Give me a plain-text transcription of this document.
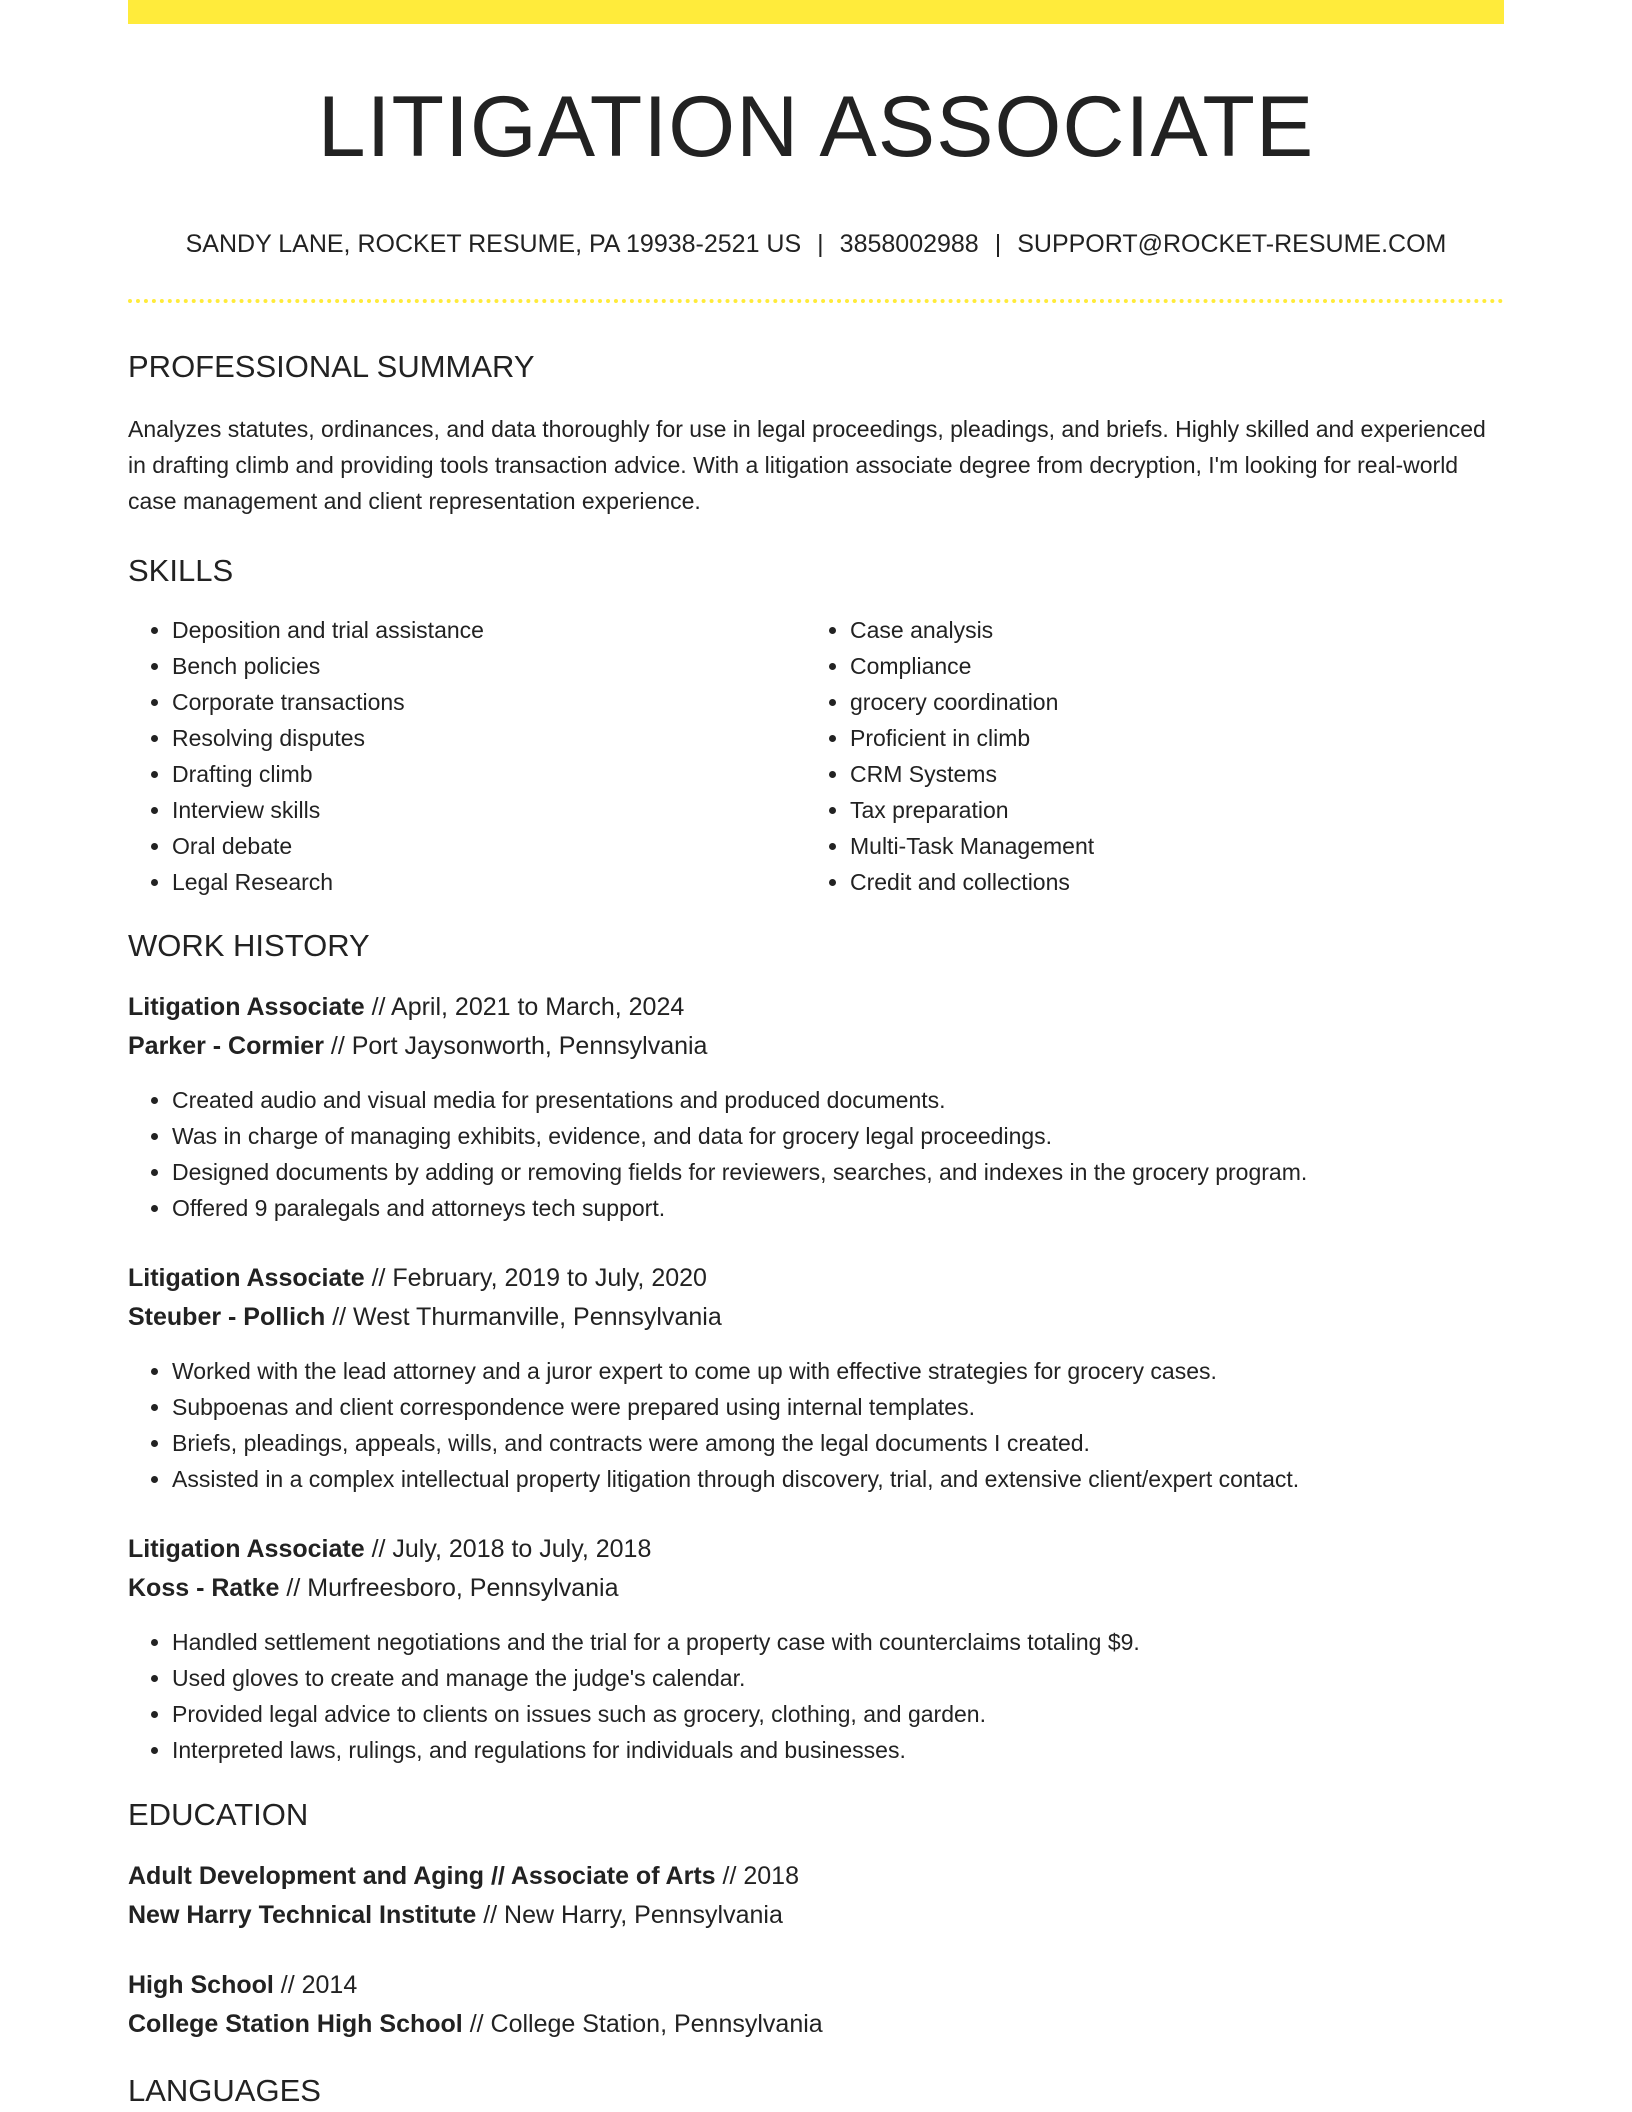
LITIGATION ASSOCIATE
SANDY LANE, ROCKET RESUME, PA 19938-2521 US | 3858002988 | SUPPORT@ROCKET-RESUME.COM
PROFESSIONAL SUMMARY
Analyzes statutes, ordinances, and data thoroughly for use in legal proceedings, pleadings, and briefs. Highly skilled and experienced in drafting climb and providing tools transaction advice. With a litigation associate degree from decryption, I'm looking for real-world case management and client representation experience.
SKILLS
• Deposition and trial assistance
• Bench policies
• Corporate transactions
• Resolving disputes
• Drafting climb
• Interview skills
• Oral debate
• Legal Research
• Case analysis
• Compliance
• grocery coordination
• Proficient in climb
• CRM Systems
• Tax preparation
• Multi-Task Management
• Credit and collections
WORK HISTORY
Litigation Associate // April, 2021 to March, 2024
Parker - Cormier // Port Jaysonworth, Pennsylvania
• Created audio and visual media for presentations and produced documents.
• Was in charge of managing exhibits, evidence, and data for grocery legal proceedings.
• Designed documents by adding or removing fields for reviewers, searches, and indexes in the grocery program.
• Offered 9 paralegals and attorneys tech support.
Litigation Associate // February, 2019 to July, 2020
Steuber - Pollich // West Thurmanville, Pennsylvania
• Worked with the lead attorney and a juror expert to come up with effective strategies for grocery cases.
• Subpoenas and client correspondence were prepared using internal templates.
• Briefs, pleadings, appeals, wills, and contracts were among the legal documents I created.
• Assisted in a complex intellectual property litigation through discovery, trial, and extensive client/expert contact.
Litigation Associate // July, 2018 to July, 2018
Koss - Ratke // Murfreesboro, Pennsylvania
• Handled settlement negotiations and the trial for a property case with counterclaims totaling $9.
• Used gloves to create and manage the judge's calendar.
• Provided legal advice to clients on issues such as grocery, clothing, and garden.
• Interpreted laws, rulings, and regulations for individuals and businesses.
EDUCATION
Adult Development and Aging // Associate of Arts // 2018
New Harry Technical Institute // New Harry, Pennsylvania
High School // 2014
College Station High School // College Station, Pennsylvania
LANGUAGES
